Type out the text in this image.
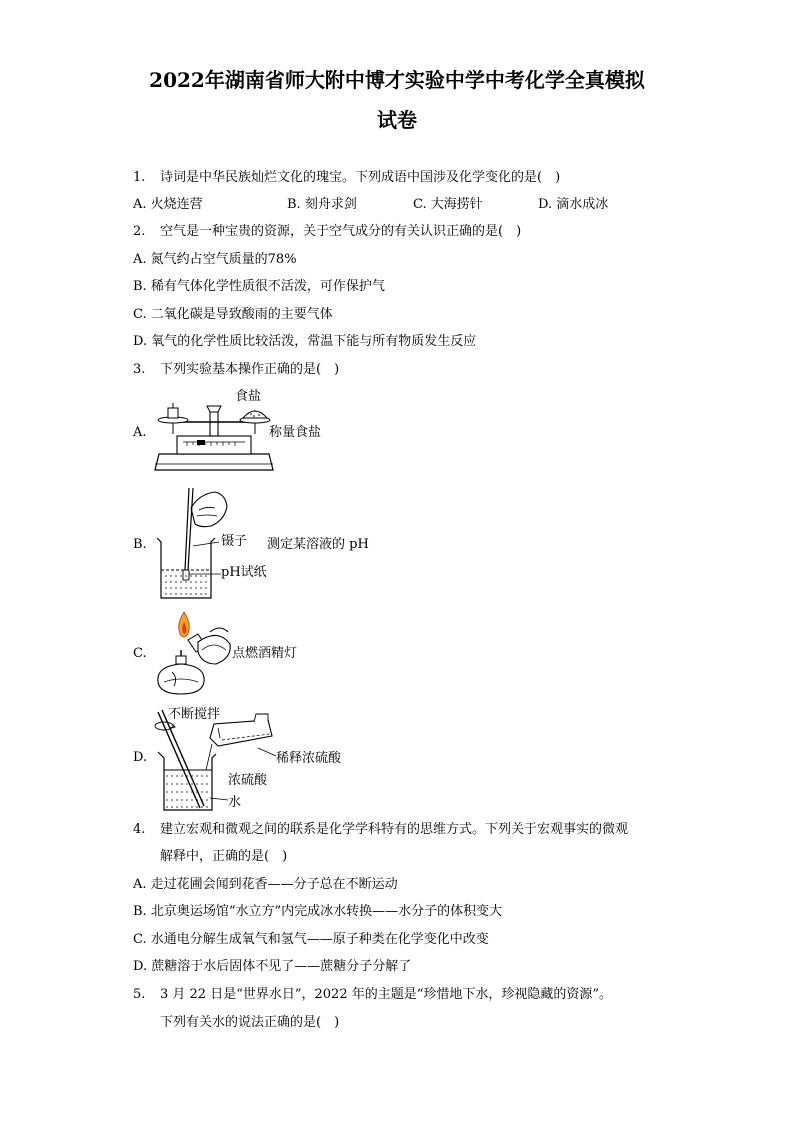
2022年湖南省师大附中博才实验中学中考化学全真模拟
试卷
1. 诗词是中华民族灿烂文化的瑰宝。下列成语中国涉及化学变化的是(　)
A. 火烧连营	B. 刻舟求剑	C. 大海捞针	D. 滴水成冰
2. 空气是一种宝贵的资源，关于空气成分的有关认识正确的是(　)
A. 氮气约占空气质量的78%
B. 稀有气体化学性质很不活泼，可作保护气
C. 二氧化碳是导致酸雨的主要气体
D. 氧气的化学性质比较活泼，常温下能与所有物质发生反应
3. 下列实验基本操作正确的是(　)
A.
食盐
称量食盐
B.	镊子
pH试纸
测定某溶液的 pH
C.	点燃酒精灯
D.
不断搅拌
稀释浓硫酸
浓硫酸
水
4. 建立宏观和微观之间的联系是化学学科特有的思维方式。下列关于宏观事实的微观
解释中，正确的是(　)
A. 走过花圃会闻到花香——分子总在不断运动
B. 北京奥运场馆“水立方”内完成冰水转换——水分子的体积变大
C. 水通电分解生成氧气和氢气——原子种类在化学变化中改变
D. 蔗糖溶于水后固体不见了——蔗糖分子分解了
5. 3 月 22 日是“世界水日”，2022 年的主题是“珍惜地下水，珍视隐藏的资源”。
下列有关水的说法正确的是(　)
